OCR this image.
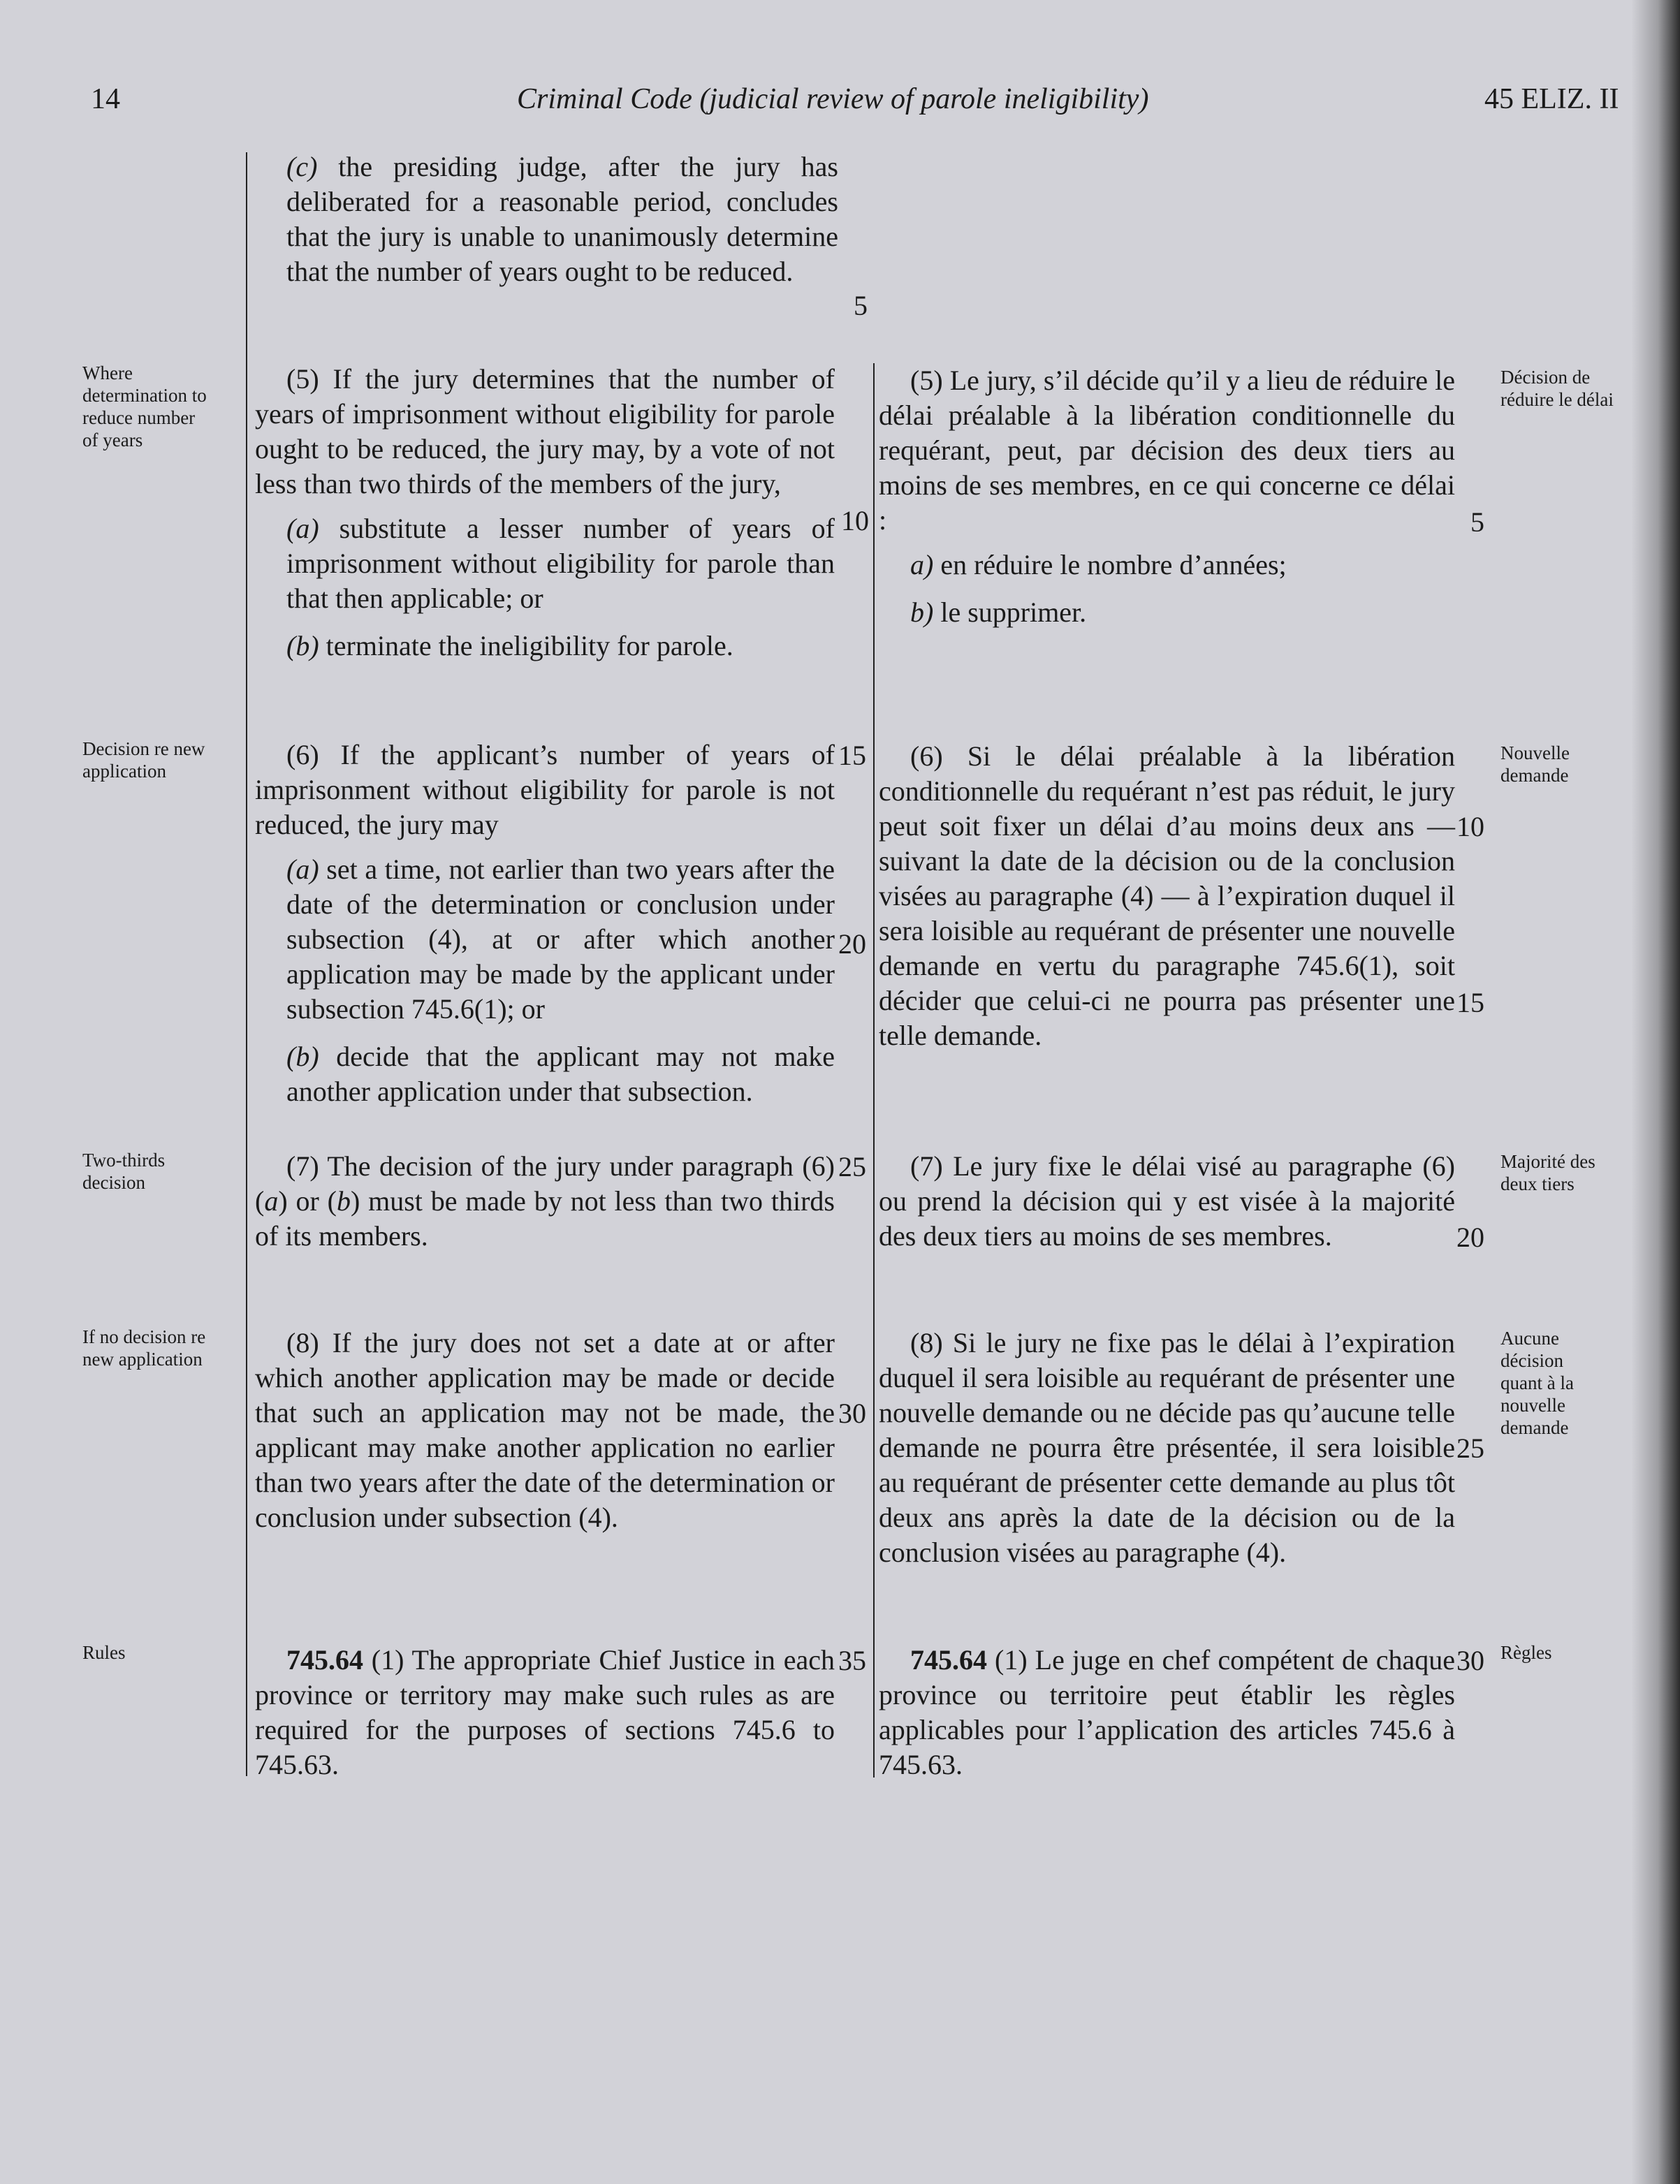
14	Criminal Code (judicial review of parole ineligibility)	45 ELIZ. II

(c) the presiding judge, after the jury has deliberated for a reasonable period, concludes that the jury is unable to unanimously determine that the number of years ought to be reduced.

(5) If the jury determines that the number of years of imprisonment without eligibility for parole ought to be reduced, the jury may, by a vote of not less than two thirds of the members of the jury,

(a) substitute a lesser number of years of imprisonment without eligibility for parole than that then applicable; or

(b) terminate the ineligibility for parole.

(6) If the applicant’s number of years of imprisonment without eligibility for parole is not reduced, the jury may

(a) set a time, not earlier than two years after the date of the determination or conclusion under subsection (4), at or after which another application may be made by the applicant under subsection 745.6(1); or

(b) decide that the applicant may not make another application under that subsection.

(7) The decision of the jury under paragraph (6)(a) or (b) must be made by not less than two thirds of its members.

(8) If the jury does not set a date at or after which another application may be made or decide that such an application may not be made, the applicant may make another application no earlier than two years after the date of the determination or conclusion under subsection (4).

745.64 (1) The appropriate Chief Justice in each province or territory may make such rules as are required for the purposes of sections 745.6 to 745.63.

(5) Le jury, s’il décide qu’il y a lieu de réduire le délai préalable à la libération conditionnelle du requérant, peut, par décision des deux tiers au moins de ses membres, en ce qui concerne ce délai :

a) en réduire le nombre d’années;

b) le supprimer.

(6) Si le délai préalable à la libération conditionnelle du requérant n’est pas réduit, le jury peut soit fixer un délai d’au moins deux ans — suivant la date de la décision ou de la conclusion visées au paragraphe (4) — à l’expiration duquel il sera loisible au requérant de présenter une nouvelle demande en vertu du paragraphe 745.6(1), soit décider que celui-ci ne pourra pas présenter une telle demande.

(7) Le jury fixe le délai visé au paragraphe (6) ou prend la décision qui y est visée à la majorité des deux tiers au moins de ses membres.

(8) Si le jury ne fixe pas le délai à l’expiration duquel il sera loisible au requérant de présenter une nouvelle demande ou ne décide pas qu’aucune telle demande ne pourra être présentée, il sera loisible au requérant de présenter cette demande au plus tôt deux ans après la date de la décision ou de la conclusion visées au paragraphe (4).

745.64 (1) Le juge en chef compétent de chaque province ou territoire peut établir les règles applicables pour l’application des articles 745.6 à 745.63.

Where determination to reduce number of years
Decision re new application
Two-thirds decision
If no decision re new application
Rules
Décision de réduire le délai
Nouvelle demande
Majorité des deux tiers
Aucune décision quant à la nouvelle demande
Règles
5
10
15
20
25
30
35
5
10
15
20
25
30
